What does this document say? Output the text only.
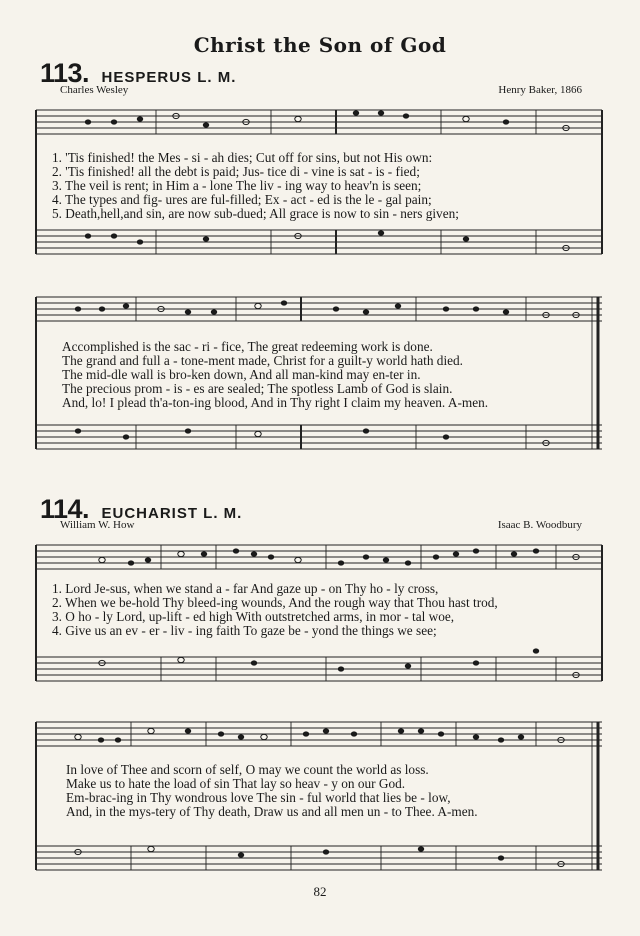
Christ the Son of God
113. HESPERUS L. M.
Charles Wesley	Henry Baker, 1866
1. 'Tis finished! the Mes - si - ah dies; Cut off for sins, but not His own:
2. 'Tis finished! all the debt is paid; Jus- tice di - vine is sat - is - fied;
3. The veil is rent; in Him a - lone The liv - ing way to heav'n is seen;
4. The types and fig- ures are ful-filled; Ex - act - ed is the le - gal pain;
5. Death,hell,and sin, are now sub-dued; All grace is now to sin - ners given;
Accomplished is the sac - ri - fice, The great redeeming work is done.
The grand and full a - tone-ment made, Christ for a guilt-y world hath died.
The mid-dle wall is bro-ken down, And all man-kind may en-ter in.
The precious prom - is - es are sealed; The spotless Lamb of God is slain.
And, lo! I plead th'a-ton-ing blood, And in Thy right I claim my heaven. A-men.
114. EUCHARIST L. M.
William W. How	Isaac B. Woodbury
1. Lord Je-sus, when we stand a - far And gaze up - on Thy ho - ly cross,
2. When we be-hold Thy bleed-ing wounds, And the rough way that Thou hast trod,
3. O ho - ly Lord, up-lift - ed high With outstretched arms, in mor - tal woe,
4. Give us an ev - er - liv - ing faith To gaze be - yond the things we see;
In love of Thee and scorn of self, O may we count the world as loss.
Make us to hate the load of sin That lay so heav - y on our God.
Em-brac-ing in Thy wondrous love The sin - ful world that lies be - low,
And, in the mys-tery of Thy death, Draw us and all men un - to Thee. A-men.
82
